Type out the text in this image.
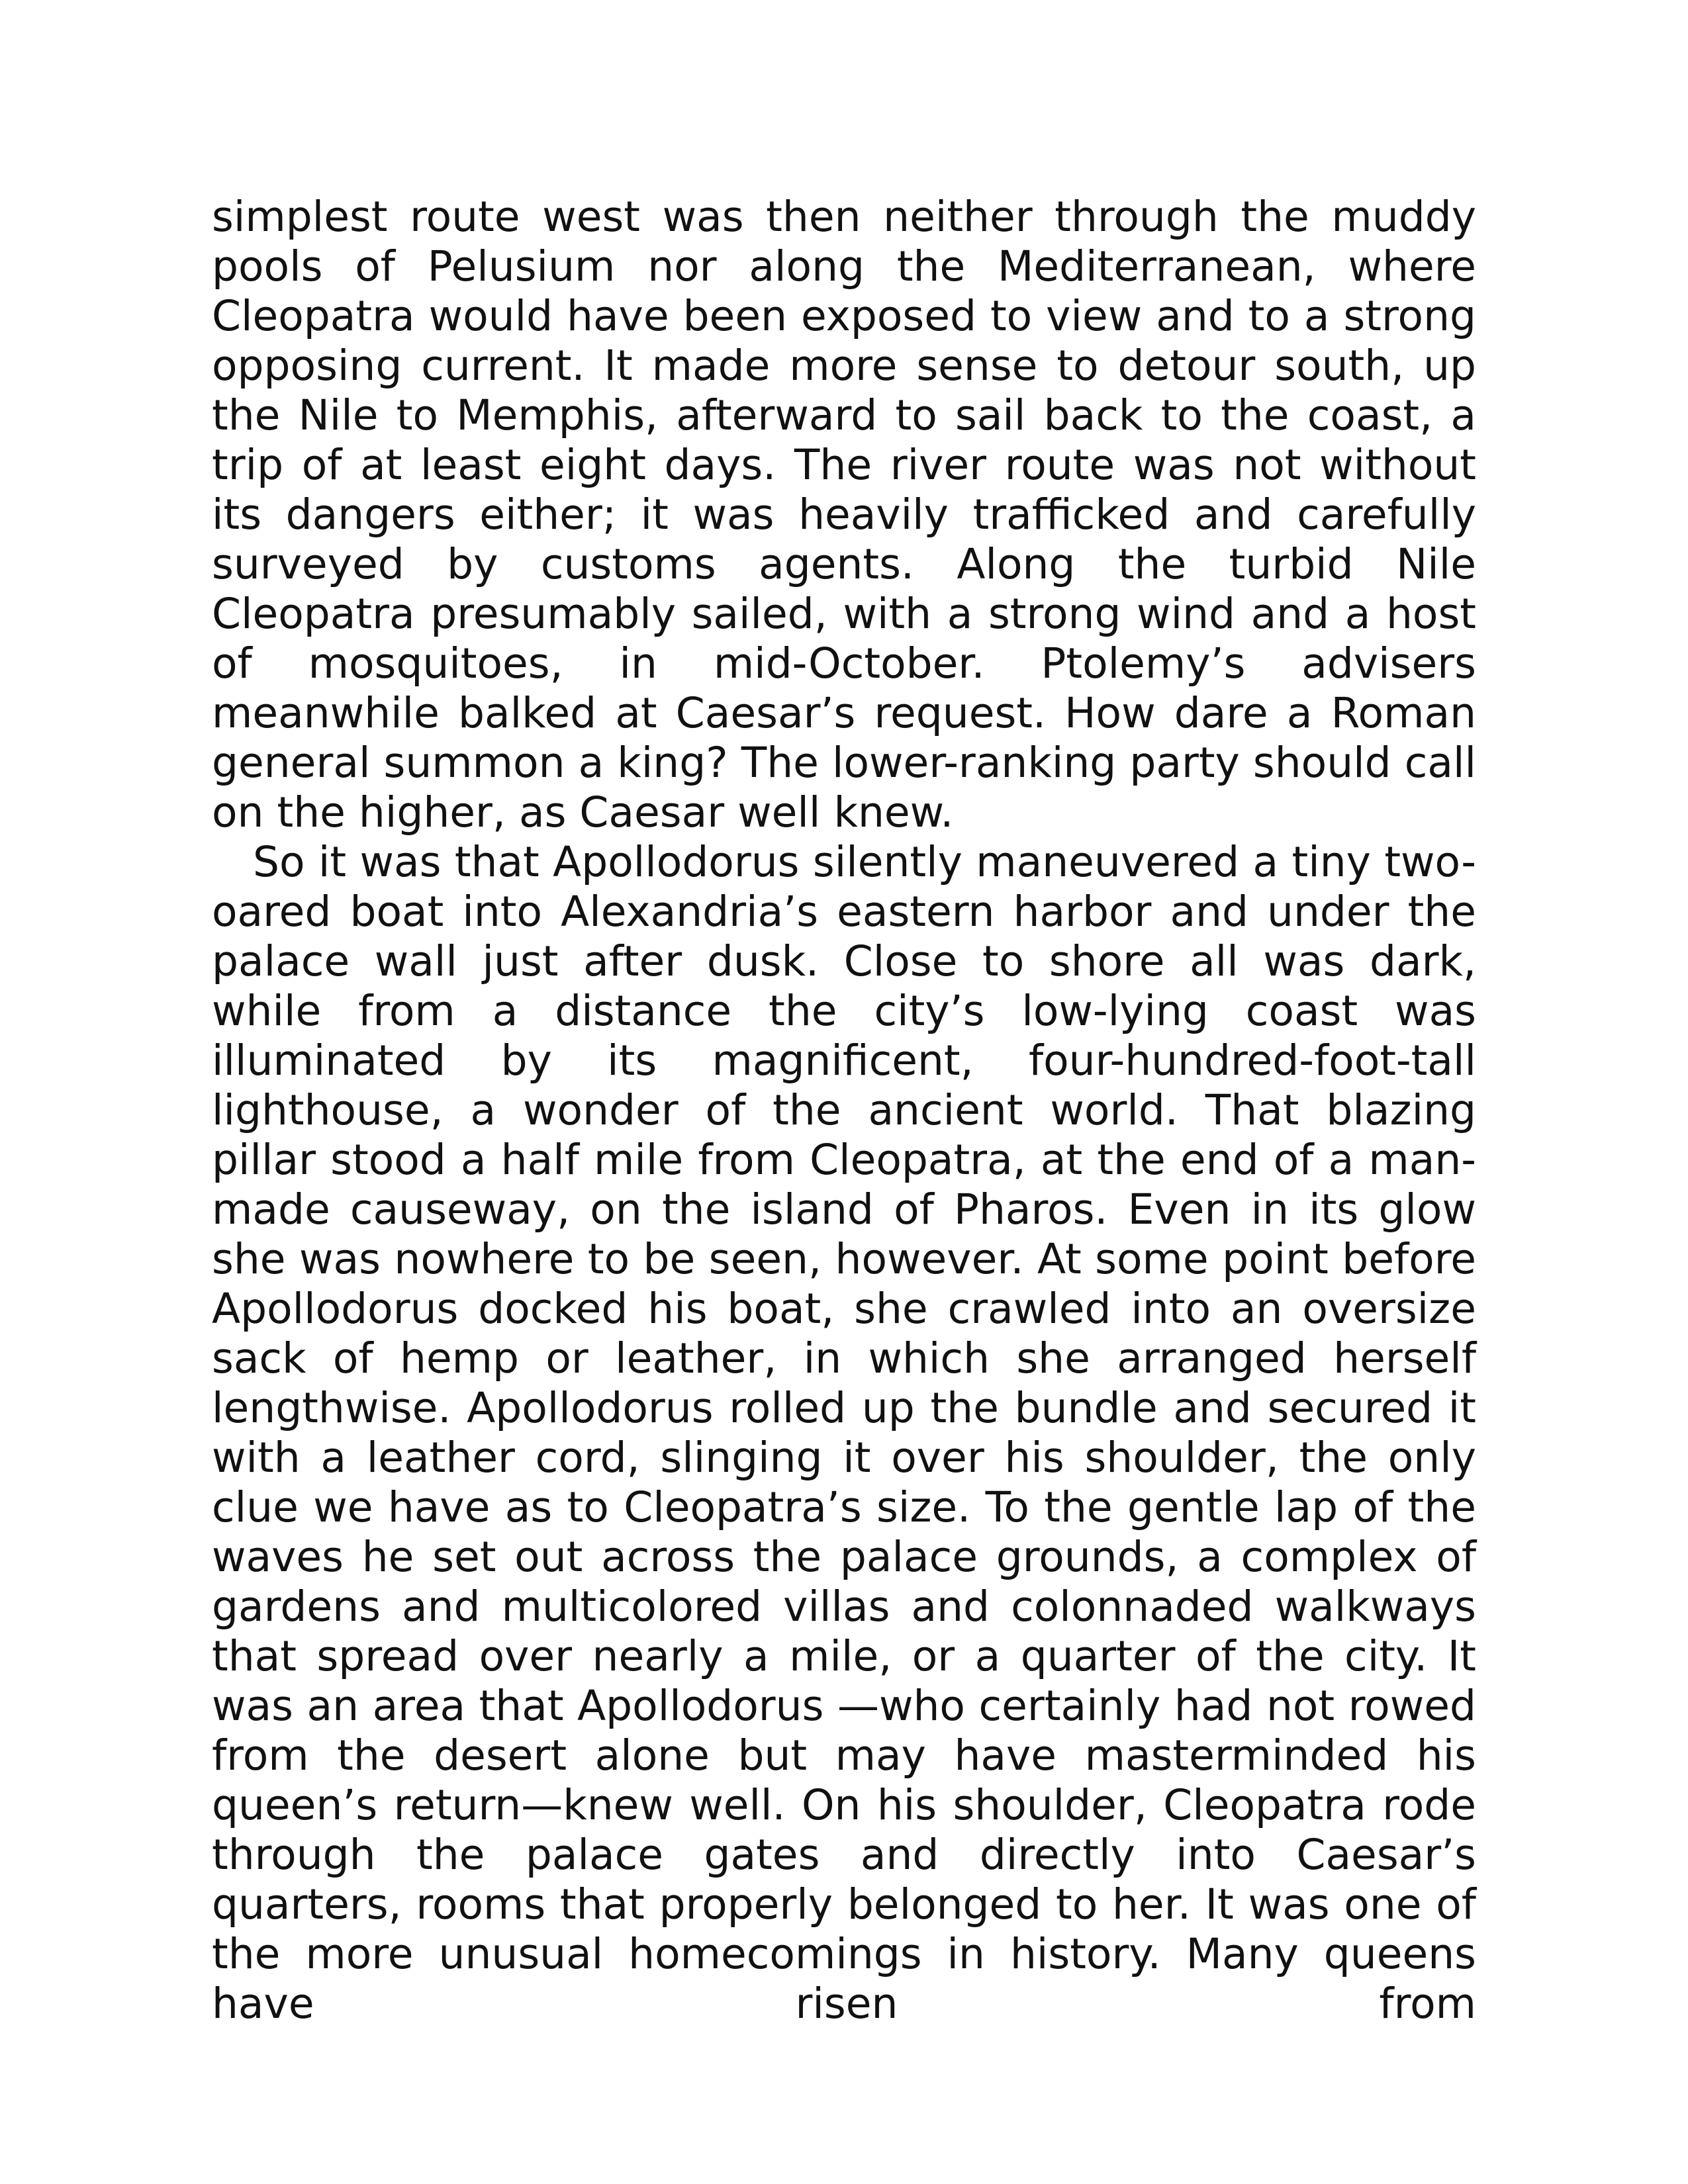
simplest route west was then neither through the muddy pools of Pelusium nor along the Mediterranean, where Cleopatra would have been exposed to view and to a strong opposing current. It made more sense to detour south, up the Nile to Memphis, afterward to sail back to the coast, a trip of at least eight days. The river route was not without its dangers either; it was heavily trafficked and carefully surveyed by customs agents. Along the turbid Nile Cleopatra presumably sailed, with a strong wind and a host of mosquitoes, in mid-October. Ptolemy’s advisers meanwhile balked at Caesar’s request. How dare a Roman general summon a king? The lower-ranking party should call on the higher, as Caesar well knew.

So it was that Apollodorus silently maneuvered a tiny two-oared boat into Alexandria’s eastern harbor and under the palace wall just after dusk. Close to shore all was dark, while from a distance the city’s low-lying coast was illuminated by its magnificent, four-hundred-foot-tall lighthouse, a wonder of the ancient world. That blazing pillar stood a half mile from Cleopatra, at the end of a man-made causeway, on the island of Pharos. Even in its glow she was nowhere to be seen, however. At some point before Apollodorus docked his boat, she crawled into an oversize sack of hemp or leather, in which she arranged herself lengthwise. Apollodorus rolled up the bundle and secured it with a leather cord, slinging it over his shoulder, the only clue we have as to Cleopatra’s size. To the gentle lap of the waves he set out across the palace grounds, a complex of gardens and multicolored villas and colonnaded walkways that spread over nearly a mile, or a quarter of the city. It was an area that Apollodorus —who certainly had not rowed from the desert alone but may have masterminded his queen’s return—knew well. On his shoulder, Cleopatra rode through the palace gates and directly into Caesar’s quarters, rooms that properly belonged to her. It was one of the more unusual homecomings in history. Many queens have risen from
